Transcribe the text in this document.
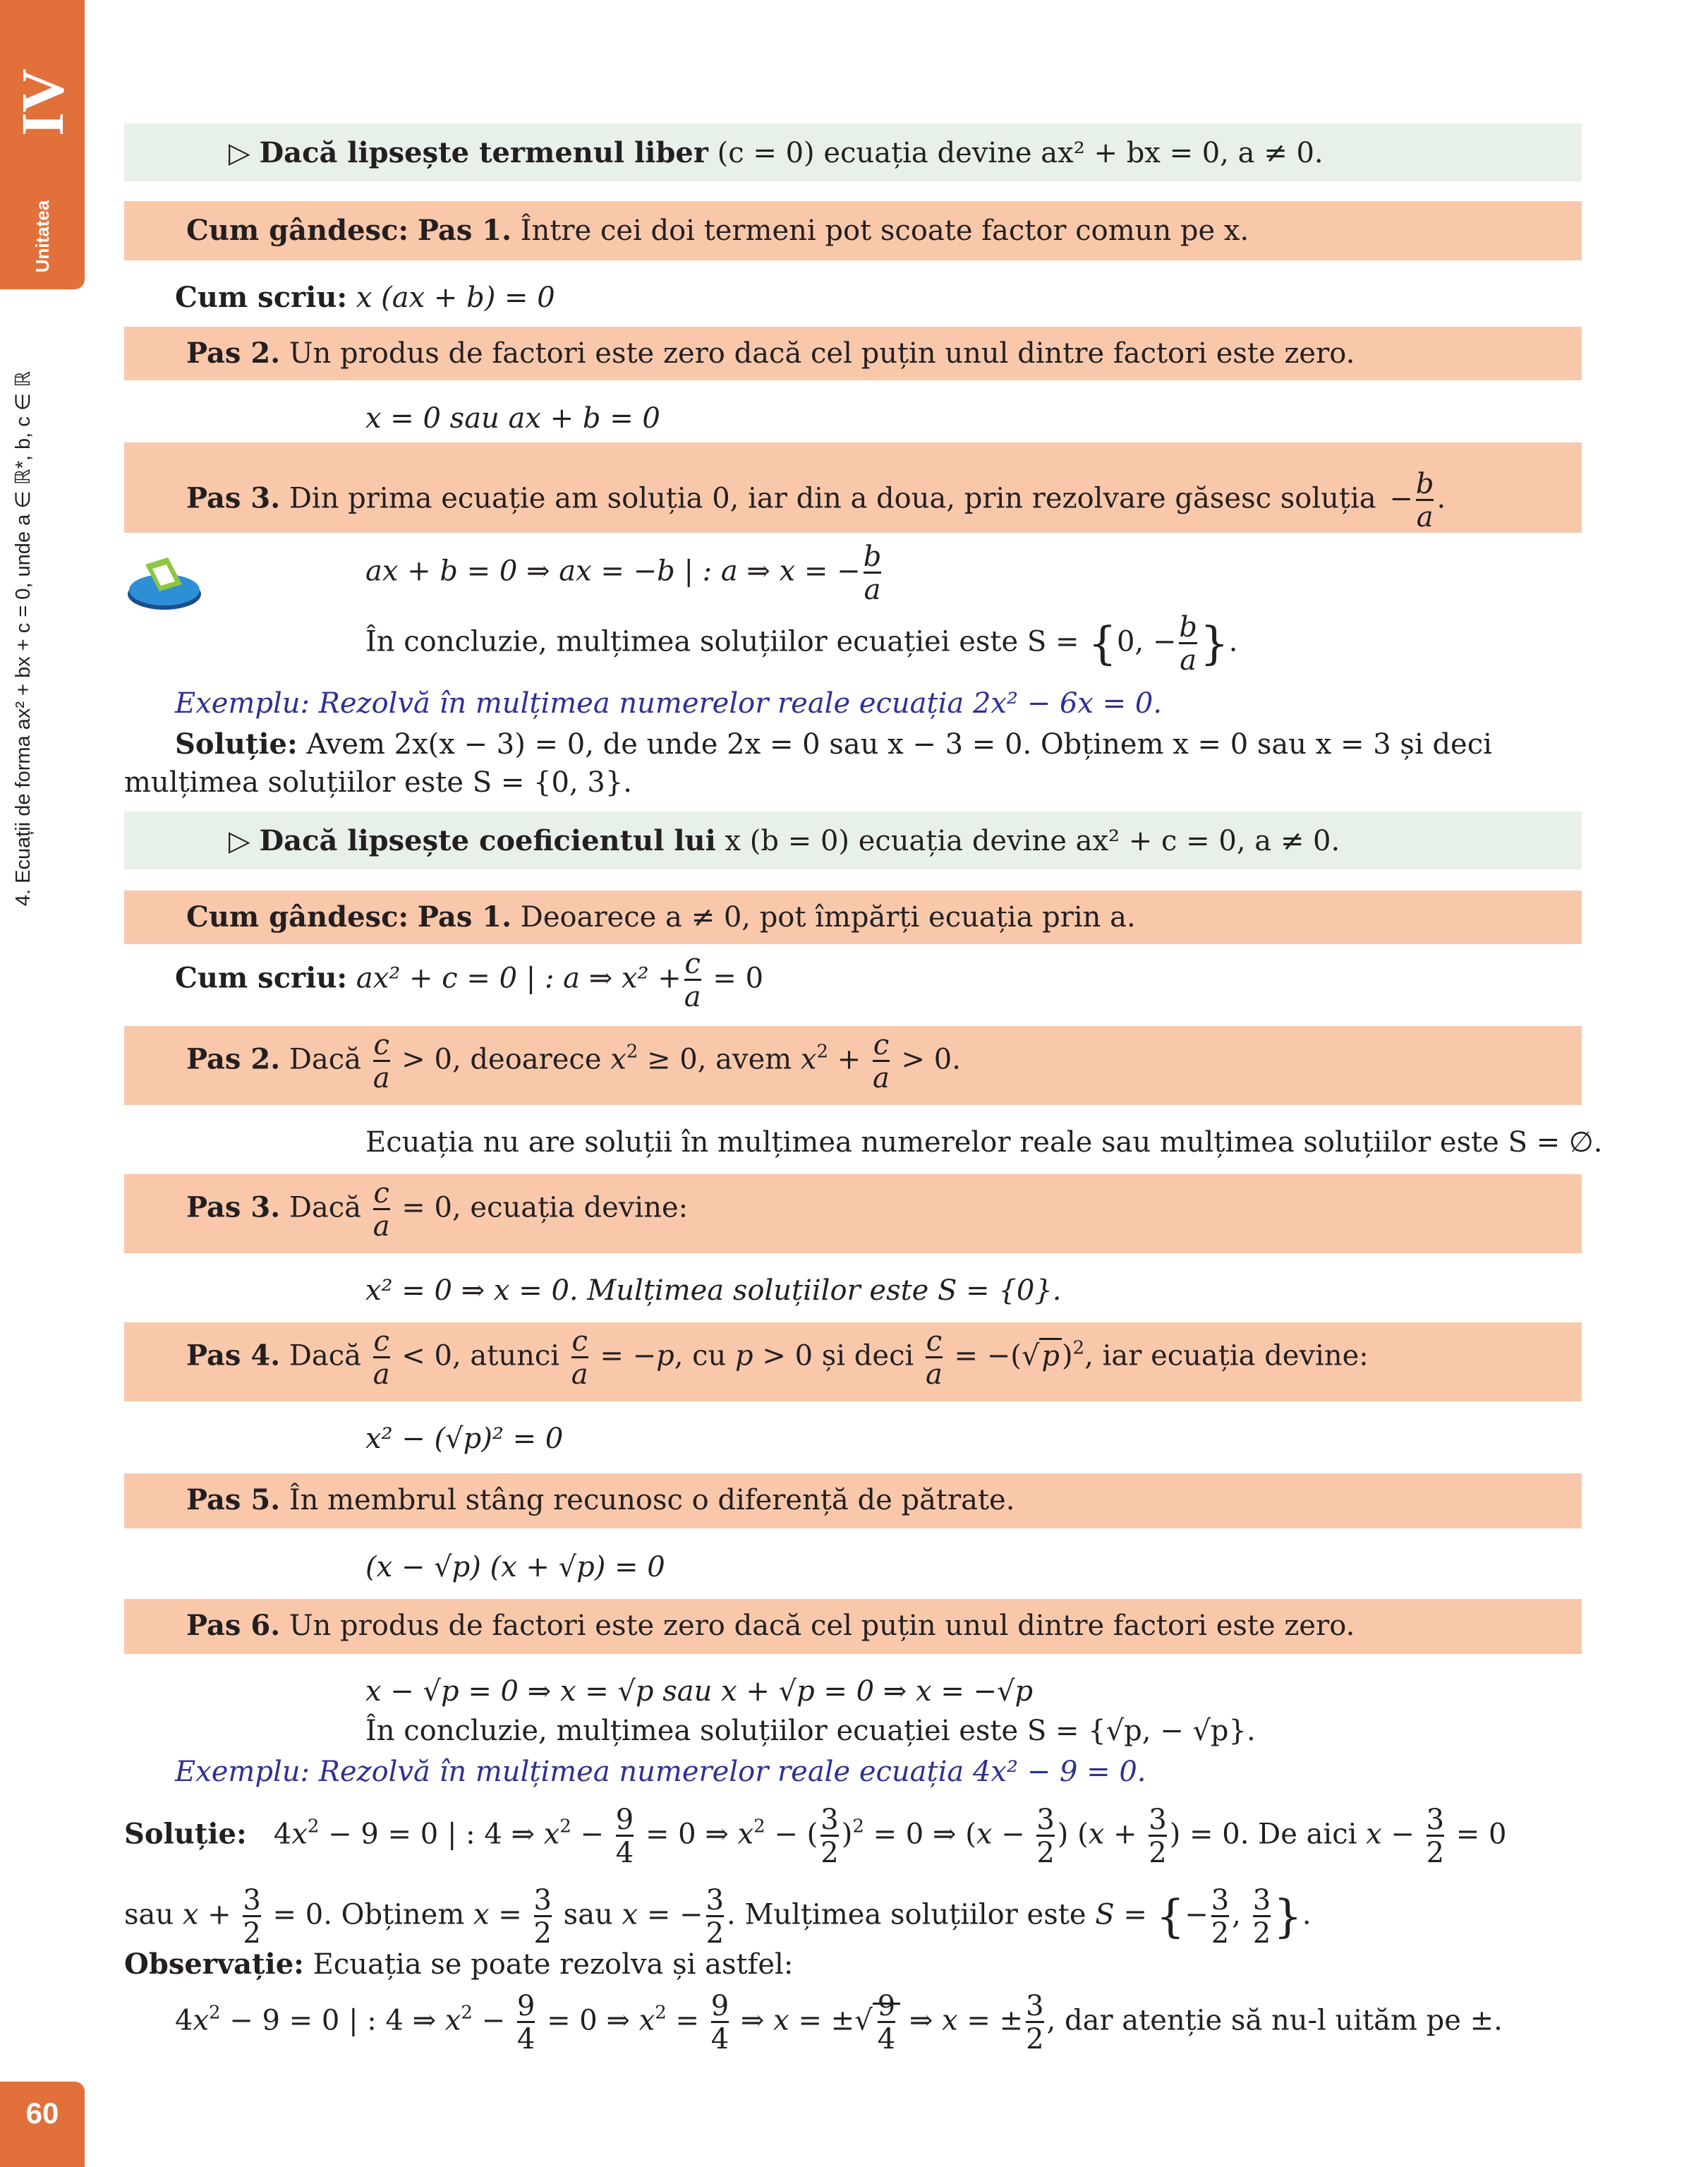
IV
Unitatea
4. Ecuații de forma ax² + bx + c = 0, unde a ∈ ℝ*, b, c ∈ ℝ
60
▷ Dacă lipsește termenul liber (c = 0) ecuația devine ax² + bx = 0, a ≠ 0.
Cum gândesc: Pas 1. Între cei doi termeni pot scoate factor comun pe x.
Cum scriu: x (ax + b) = 0
Pas 2. Un produs de factori este zero dacă cel puțin unul dintre factori este zero.
x = 0 sau ax + b = 0
Pas 3. Din prima ecuație am soluția 0, iar din a doua, prin rezolvare găsesc soluția − $\frac{b}{a}$ .
ax + b = 0 ⇒ ax = −b | : a ⇒ x = − $\frac{b}{a}$
În concluzie, mulțimea soluțiilor ecuației este S = {0, − $\frac{b}{a}$ }.
Exemplu: Rezolvă în mulțimea numerelor reale ecuația 2x² − 6x = 0.
Soluție: Avem 2x(x − 3) = 0, de unde 2x = 0 sau x − 3 = 0. Obținem x = 0 sau x = 3 și deci
mulțimea soluțiilor este S = {0, 3}.
▷ Dacă lipsește coeficientul lui x (b = 0) ecuația devine ax² + c = 0, a ≠ 0.
Cum gândesc: Pas 1. Deoarece a ≠ 0, pot împărți ecuația prin a.
Cum scriu: ax² + c = 0 | : a ⇒ $x^2 + \frac{c}{a} = 0$
Pas 2. Dacă $\frac{c}{a} > 0$, deoarece $x^2 \ge 0$, avem $x^2 + \frac{c}{a} > 0$.
Ecuația nu are soluții în mulțimea numerelor reale sau mulțimea soluțiilor este S = ∅.
Pas 3. Dacă $\frac{c}{a} = 0$, ecuația devine:
x² = 0 ⇒ x = 0. Mulțimea soluțiilor este S = {0}.
Pas 4. Dacă $\frac{c}{a} < 0$, atunci $\frac{c}{a} = -p$, cu p > 0 și deci $\frac{c}{a} = -(√p)^2$, iar ecuația devine:
x² − (√p)² = 0
Pas 5. În membrul stâng recunosc o diferență de pătrate.
(x − √p) (x + √p) = 0
Pas 6. Un produs de factori este zero dacă cel puțin unul dintre factori este zero.
x − √p = 0 ⇒ x = √p sau x + √p = 0 ⇒ x = −√p
În concluzie, mulțimea soluțiilor ecuației este S = {√p, − √p}.
Exemplu: Rezolvă în mulțimea numerelor reale ecuația 4x² − 9 = 0.
Soluție:   $4x^2 - 9 = 0$ | : 4 ⇒ $x^2 - \frac{9}{4} = 0$ ⇒ $x^2$ − ( $\frac{3}{2} )^2 = 0$ ⇒ ($x - \frac{3}{2}$ ) ($x + \frac{3}{2}$ ) = 0. De aici $x - \frac{3}{2} = 0$
sau $x + \frac{3}{2} = 0$. Obținem $x = \frac{3}{2}$ sau x = − $\frac{3}{2}$ . Mulțimea soluțiilor este S = {− $\frac{3}{2}$ , $\frac{3}{2}$ }.
Observație: Ecuația se poate rezolva și astfel:
$4x^2 - 9 = 0$ | : 4 ⇒ $x^2 - \frac{9}{4} = 0$ ⇒ $x^2 = \frac{9}{4}$ ⇒ x = ±√ $\frac{9}{4}$ ⇒ x = ± $\frac{3}{2}$ , dar atenție să nu-l uităm pe ±.
